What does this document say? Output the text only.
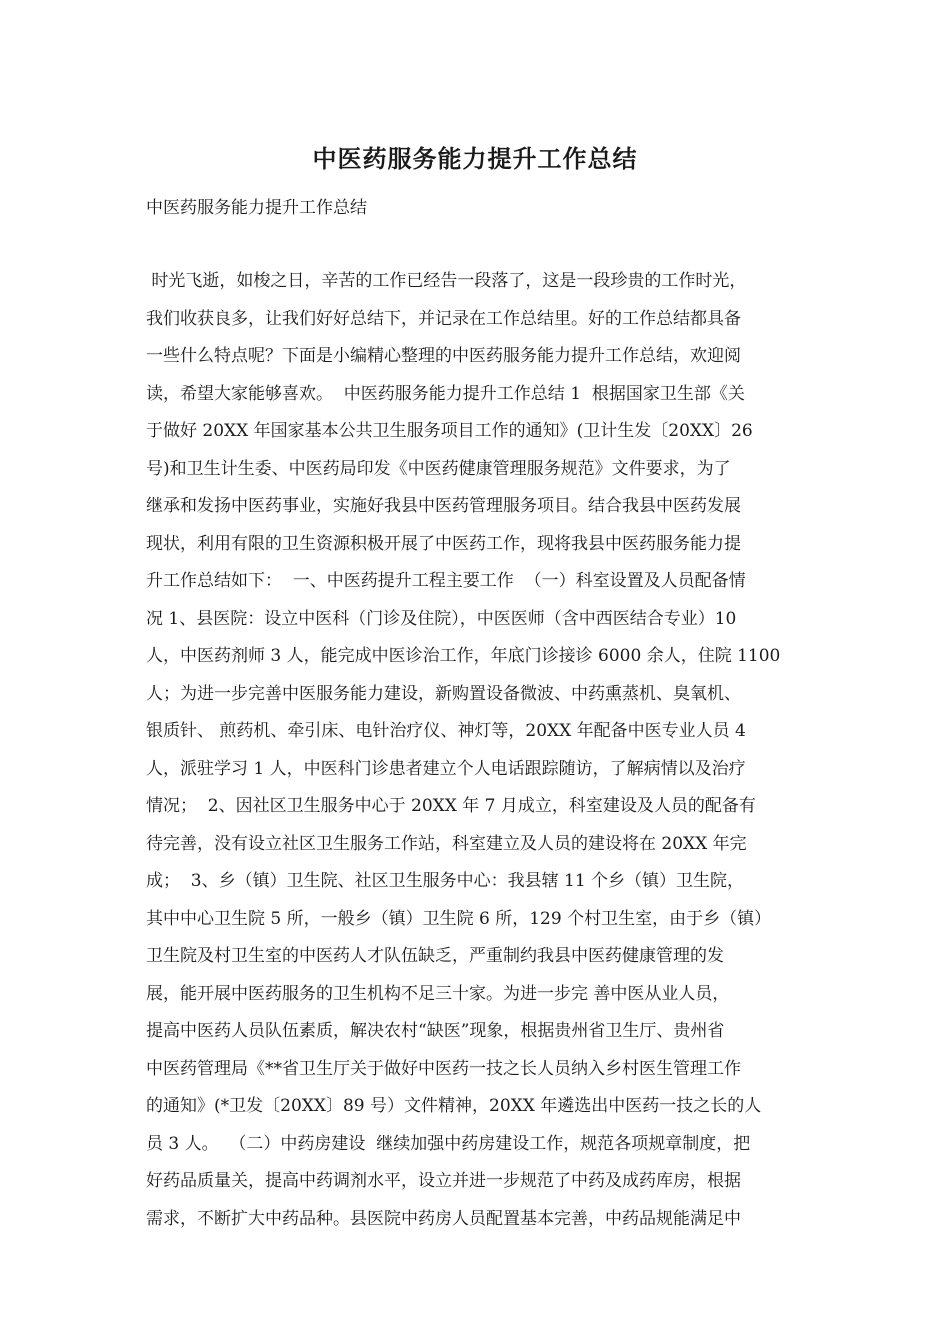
中医药服务能力提升工作总结
中医药服务能力提升工作总结
时光飞逝，如梭之日，辛苦的工作已经告一段落了，这是一段珍贵的工作时光，
我们收获良多，让我们好好总结下，并记录在工作总结里。好的工作总结都具备
一些什么特点呢？下面是小编精心整理的中医药服务能力提升工作总结，欢迎阅
读，希望大家能够喜欢。  中医药服务能力提升工作总结 1  根据国家卫生部《关
于做好 20XX 年国家基本公共卫生服务项目工作的通知》(卫计生发〔20XX〕26
号)和卫生计生委、中医药局印发《中医药健康管理服务规范》文件要求，为了
继承和发扬中医药事业，实施好我县中医药管理服务项目。结合我县中医药发展
现状，利用有限的卫生资源积极开展了中医药工作，现将我县中医药服务能力提
升工作总结如下：  一、中医药提升工程主要工作  （一）科室设置及人员配备情
况 1、县医院：设立中医科（门诊及住院），中医医师（含中西医结合专业）10
人，中医药剂师 3 人，能完成中医诊治工作，年底门诊接诊 6000 余人，住院 1100
人；为进一步完善中医服务能力建设，新购置设备微波、中药熏蒸机、臭氧机、
银质针、 煎药机、牵引床、电针治疗仪、神灯等，20XX 年配备中医专业人员 4
人，派驻学习 1 人，中医科门诊患者建立个人电话跟踪随访，了解病情以及治疗
情况；  2、因社区卫生服务中心于 20XX 年 7 月成立，科室建设及人员的配备有
待完善，没有设立社区卫生服务工作站，科室建立及人员的建设将在 20XX 年完
成；  3、乡（镇）卫生院、社区卫生服务中心：我县辖 11 个乡（镇）卫生院，
其中中心卫生院 5 所，一般乡（镇）卫生院 6 所，129 个村卫生室，由于乡（镇）
卫生院及村卫生室的中医药人才队伍缺乏，严重制约我县中医药健康管理的发
展，能开展中医药服务的卫生机构不足三十家。为进一步完 善中医从业人员，
提高中医药人员队伍素质，解决农村“缺医”现象，根据贵州省卫生厅、贵州省
中医药管理局《**省卫生厅关于做好中医药一技之长人员纳入乡村医生管理工作
的通知》(*卫发〔20XX〕89 号）文件精神，20XX 年遴选出中医药一技之长的人
员 3 人。  （二）中药房建设  继续加强中药房建设工作，规范各项规章制度，把
好药品质量关，提高中药调剂水平，设立并进一步规范了中药及成药库房，根据
需求，不断扩大中药品种。县医院中药房人员配置基本完善，中药品规能满足中
